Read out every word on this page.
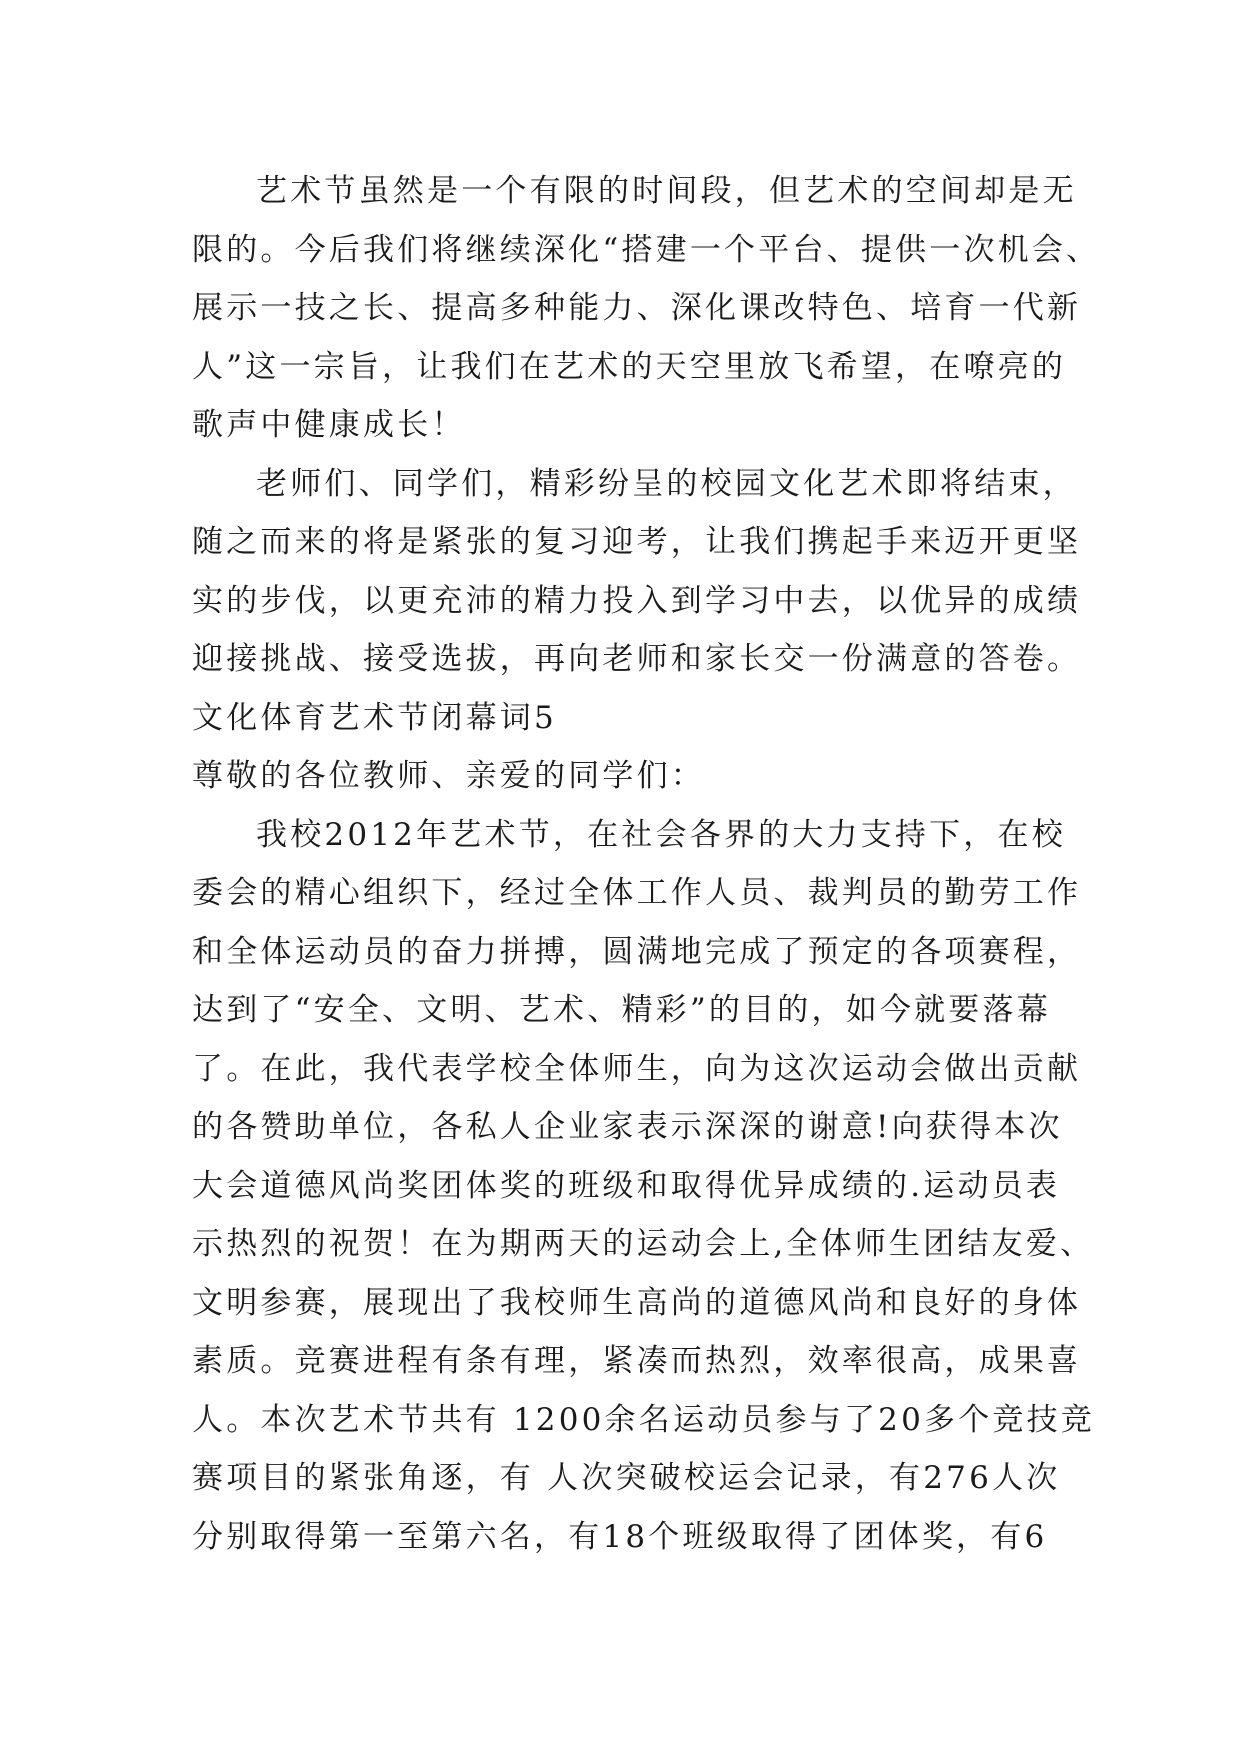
艺术节虽然是一个有限的时间段，但艺术的空间却是无
限的。今后我们将继续深化“搭建一个平台、提供一次机会、
展示一技之长、提高多种能力、深化课改特色、培育一代新
人”这一宗旨，让我们在艺术的天空里放飞希望，在嘹亮的
歌声中健康成长！
老师们、同学们，精彩纷呈的校园文化艺术即将结束，
随之而来的将是紧张的复习迎考，让我们携起手来迈开更坚
实的步伐，以更充沛的精力投入到学习中去，以优异的成绩
迎接挑战、接受选拔，再向老师和家长交一份满意的答卷。
文化体育艺术节闭幕词5
尊敬的各位教师、亲爱的同学们：
我校2012年艺术节，在社会各界的大力支持下，在校
委会的精心组织下，经过全体工作人员、裁判员的勤劳工作
和全体运动员的奋力拼搏，圆满地完成了预定的各项赛程，
达到了“安全、文明、艺术、精彩”的目的，如今就要落幕
了。在此，我代表学校全体师生，向为这次运动会做出贡献
的各赞助单位，各私人企业家表示深深的谢意!向获得本次
大会道德风尚奖团体奖的班级和取得优异成绩的.运动员表
示热烈的祝贺！在为期两天的运动会上,全体师生团结友爱、
文明参赛，展现出了我校师生高尚的道德风尚和良好的身体
素质。竞赛进程有条有理，紧凑而热烈，效率很高，成果喜
人。本次艺术节共有 1200余名运动员参与了20多个竞技竞
赛项目的紧张角逐，有 人次突破校运会记录，有276人次
分别取得第一至第六名，有18个班级取得了团体奖，有6
